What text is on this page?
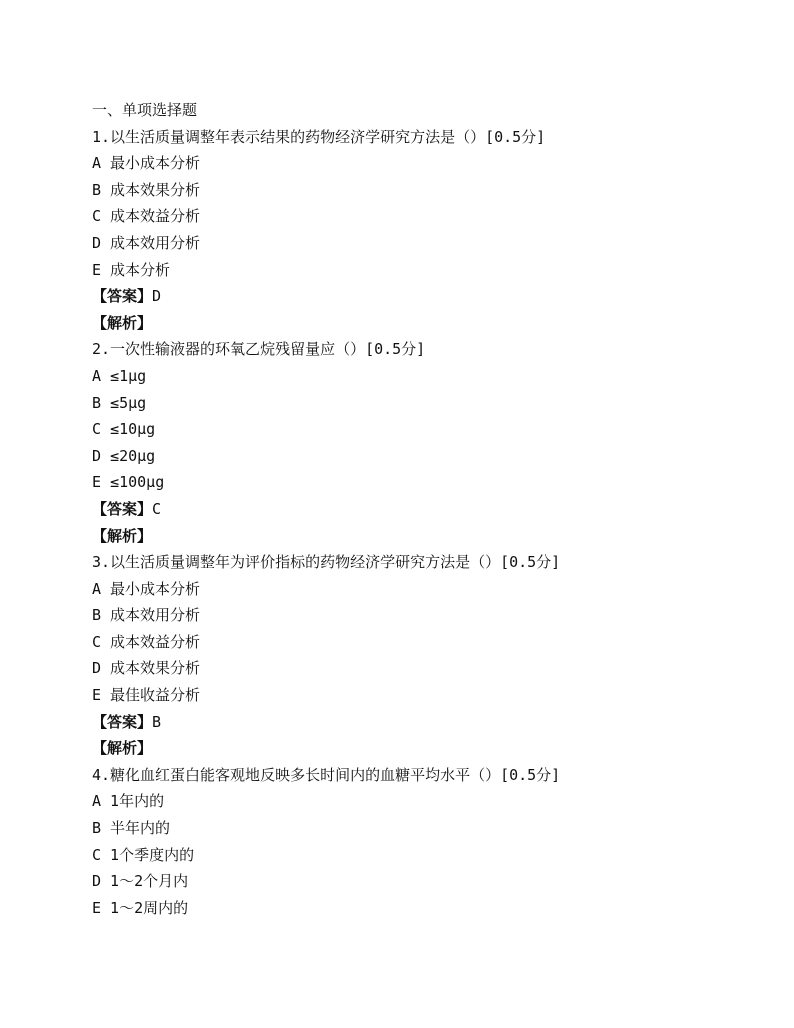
一、单项选择题
1.以生活质量调整年表示结果的药物经济学研究方法是（）[0.5分]
A 最小成本分析
B 成本效果分析
C 成本效益分析
D 成本效用分析
E 成本分析
【答案】D
【解析】
2.一次性输液器的环氧乙烷残留量应（）[0.5分]
A ≤1μg
B ≤5μg
C ≤10μg
D ≤20μg
E ≤100μg
【答案】C
【解析】
3.以生活质量调整年为评价指标的药物经济学研究方法是（）[0.5分]
A 最小成本分析
B 成本效用分析
C 成本效益分析
D 成本效果分析
E 最佳收益分析
【答案】B
【解析】
4.糖化血红蛋白能客观地反映多长时间内的血糖平均水平（）[0.5分]
A 1年内的
B 半年内的
C 1个季度内的
D 1～2个月内
E 1～2周内的
